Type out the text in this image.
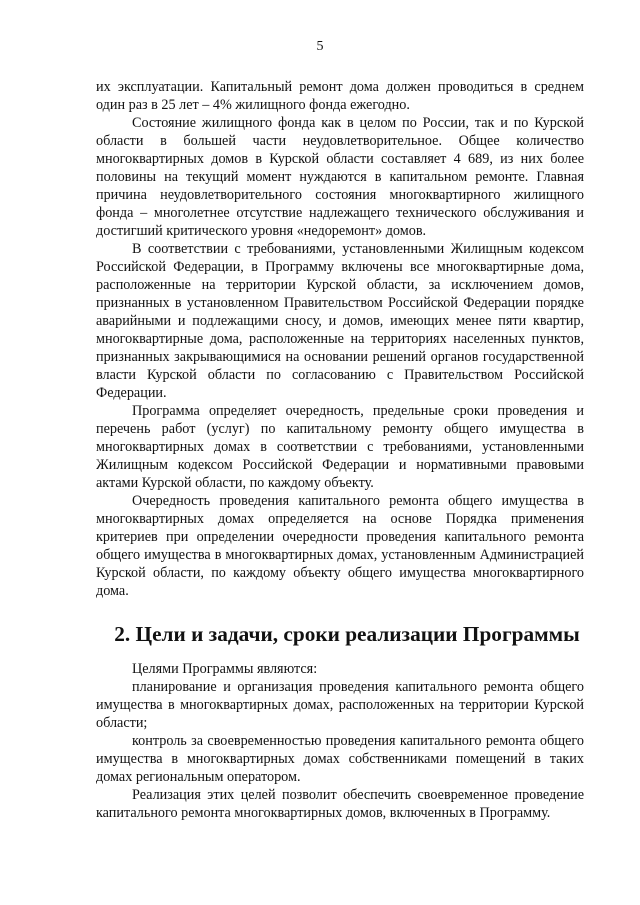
5

их эксплуатации. Капитальный ремонт дома должен проводиться в среднем один раз в 25 лет – 4% жилищного фонда ежегодно.

Состояние жилищного фонда как в целом по России, так и по Курской области в большей части неудовлетворительное. Общее количество многоквартирных домов в Курской области составляет 4 689, из них более половины на текущий момент нуждаются в капитальном ремонте. Главная причина неудовлетворительного состояния многоквартирного жилищного фонда – многолетнее отсутствие надлежащего технического обслуживания и достигший критического уровня «недоремонт» домов.

В соответствии с требованиями, установленными Жилищным кодексом Российской Федерации, в Программу включены все многоквартирные дома, расположенные на территории Курской области, за исключением домов, признанных в установленном Правительством Российской Федерации порядке аварийными и подлежащими сносу, и домов, имеющих менее пяти квартир, многоквартирные дома, расположенные на территориях населенных пунктов, признанных закрывающимися на основании решений органов государственной власти Курской области по согласованию с Правительством Российской Федерации.

Программа определяет очередность, предельные сроки проведения и перечень работ (услуг) по капитальному ремонту общего имущества в многоквартирных домах в соответствии с требованиями, установленными Жилищным кодексом Российской Федерации и нормативными правовыми актами Курской области, по каждому объекту.

Очередность проведения капитального ремонта общего имущества в многоквартирных домах определяется на основе Порядка применения критериев при определении очередности проведения капитального ремонта общего имущества в многоквартирных домах, установленным Администрацией Курской области, по каждому объекту общего имущества многоквартирного дома.

2. Цели и задачи, сроки реализации Программы

Целями Программы являются:

планирование и организация проведения капитального ремонта общего имущества в многоквартирных домах, расположенных на территории Курской области;

контроль за своевременностью проведения капитального ремонта общего имущества в многоквартирных домах собственниками помещений в таких домах региональным оператором.

Реализация этих целей позволит обеспечить своевременное проведение капитального ремонта многоквартирных домов, включенных в Программу.
